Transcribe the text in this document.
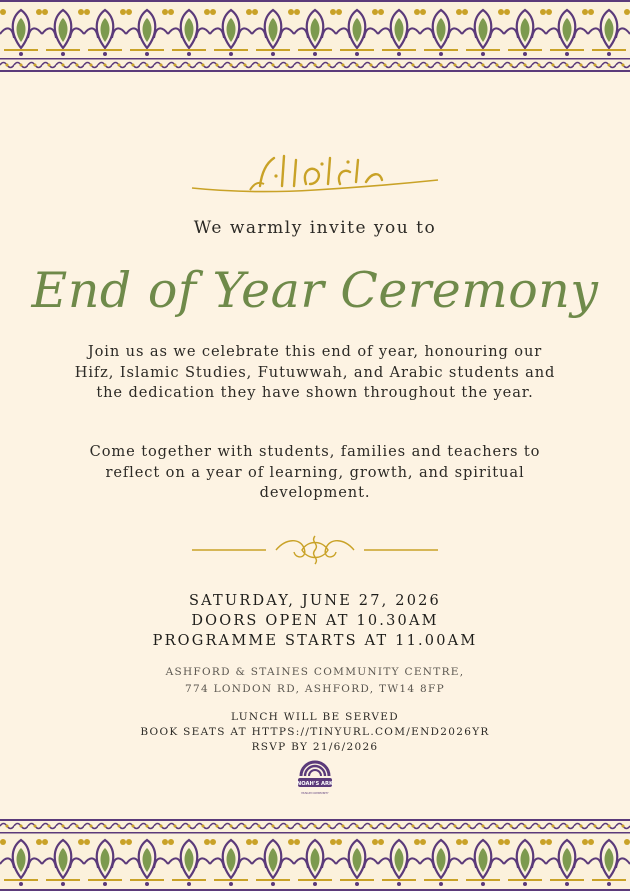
We warmly invite you to
End of Year Ceremony
Join us as we celebrate this end of year, honouring our Hifz, Islamic Studies, Futuwwah, and Arabic students and the dedication they have shown throughout the year.
Come together with students, families and teachers to reflect on a year of learning, growth, and spiritual development.
SATURDAY, JUNE 27, 2026
DOORS OPEN AT 10.30AM
PROGRAMME STARTS AT 11.00AM
ASHFORD & STAINES COMMUNITY CENTRE,
774 LONDON RD, ASHFORD, TW14 8FP
LUNCH WILL BE SERVED
BOOK SEATS AT HTTPS://TINYURL.COM/END2026YR
RSVP BY 21/6/2026
NOAH'S ARK
MUSLIM COMMUNITY
